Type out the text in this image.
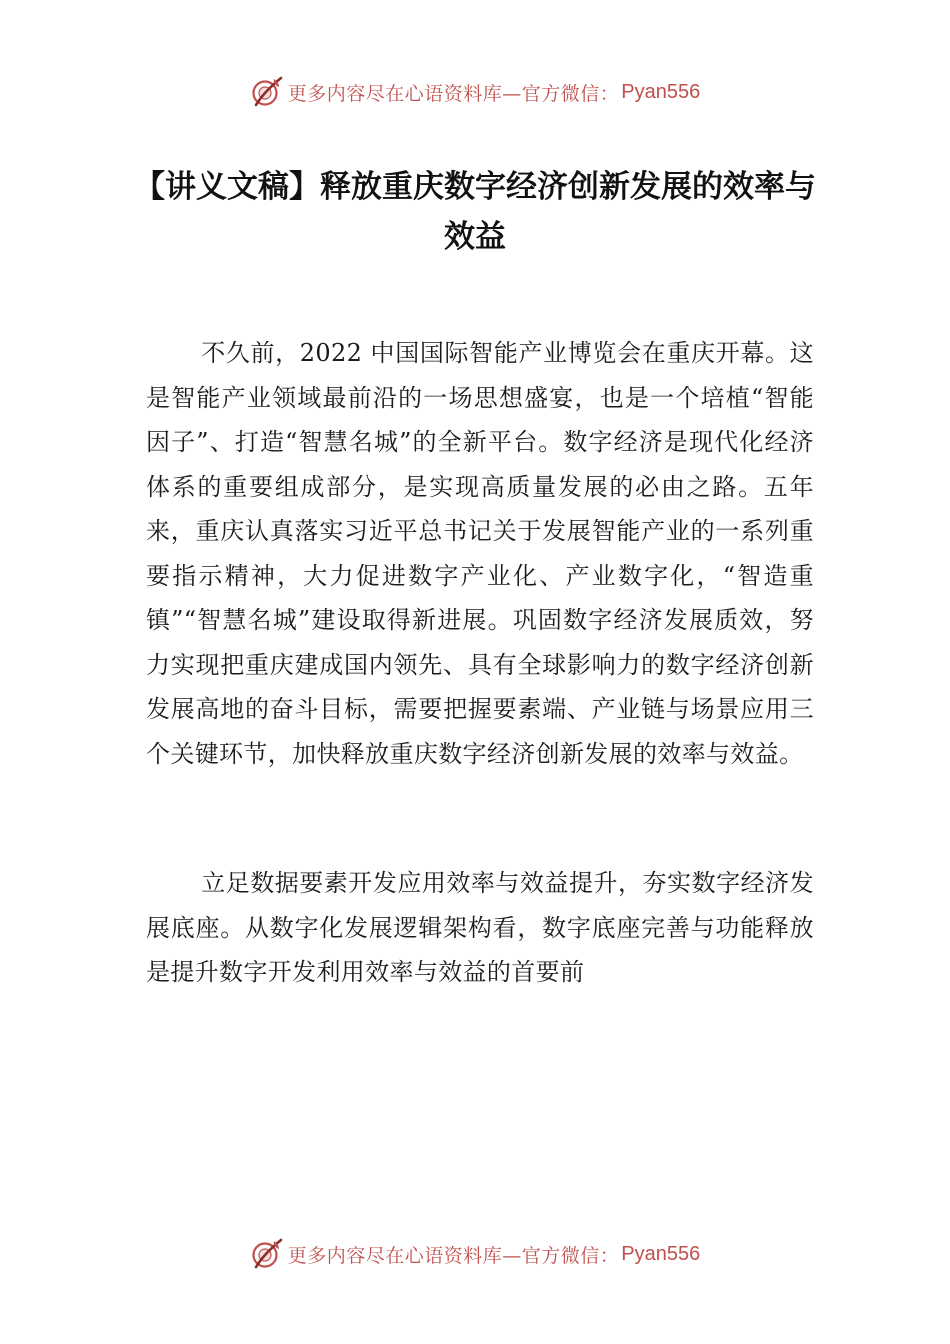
更多内容尽在心语资料库—官方微信： Pyan556
【讲义文稿】释放重庆数字经济创新发展的效率与效益

不久前，2022 中国国际智能产业博览会在重庆开幕。这是智能产业领域最前沿的一场思想盛宴，也是一个培植“智能因子”、打造“智慧名城”的全新平台。数字经济是现代化经济体系的重要组成部分，是实现高质量发展的必由之路。五年来，重庆认真落实习近平总书记关于发展智能产业的一系列重要指示精神，大力促进数字产业化、产业数字化，“智造重镇”“智慧名城”建设取得新进展。巩固数字经济发展质效，努力实现把重庆建成国内领先、具有全球影响力的数字经济创新发展高地的奋斗目标，需要把握要素端、产业链与场景应用三个关键环节，加快释放重庆数字经济创新发展的效率与效益。

立足数据要素开发应用效率与效益提升，夯实数字经济发展底座。从数字化发展逻辑架构看，数字底座完善与功能释放是提升数字开发利用效率与效益的首要前

更多内容尽在心语资料库—官方微信： Pyan556
